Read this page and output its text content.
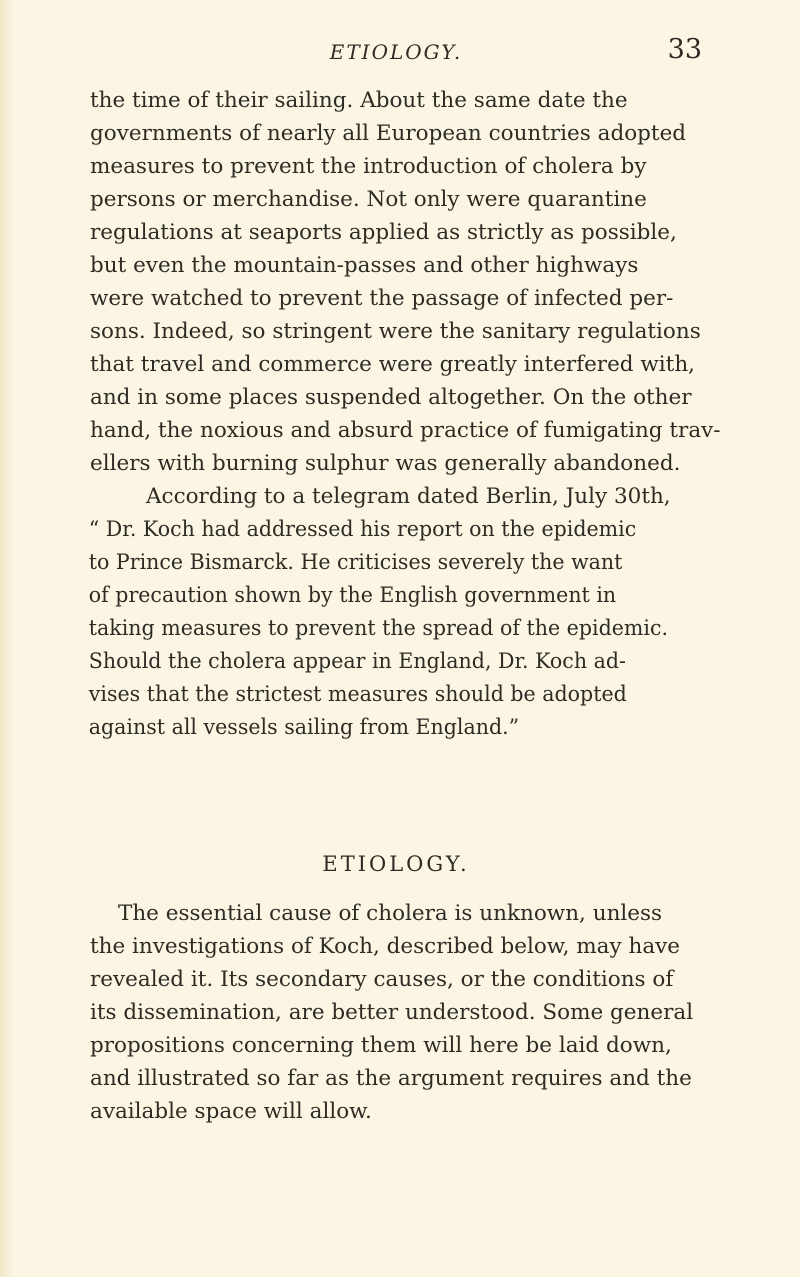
ETIOLOGY.	33

the time of their sailing. About the same date the
governments of nearly all European countries adopted
measures to prevent the introduction of cholera by
persons or merchandise. Not only were quarantine
regulations at seaports applied as strictly as possible,
but even the mountain-passes and other highways
were watched to prevent the passage of infected per-
sons. Indeed, so stringent were the sanitary regulations
that travel and commerce were greatly interfered with,
and in some places suspended altogether. On the other
hand, the noxious and absurd practice of fumigating trav-
ellers with burning sulphur was generally abandoned.

According to a telegram dated Berlin, July 30th,
“ Dr. Koch had addressed his report on the epidemic
to Prince Bismarck. He criticises severely the want
of precaution shown by the English government in
taking measures to prevent the spread of the epidemic.
Should the cholera appear in England, Dr. Koch ad-
vises that the strictest measures should be adopted
against all vessels sailing from England.”

ETIOLOGY.

The essential cause of cholera is unknown, unless
the investigations of Koch, described below, may have
revealed it. Its secondary causes, or the conditions of
its dissemination, are better understood. Some general
propositions concerning them will here be laid down,
and illustrated so far as the argument requires and the
available space will allow.
